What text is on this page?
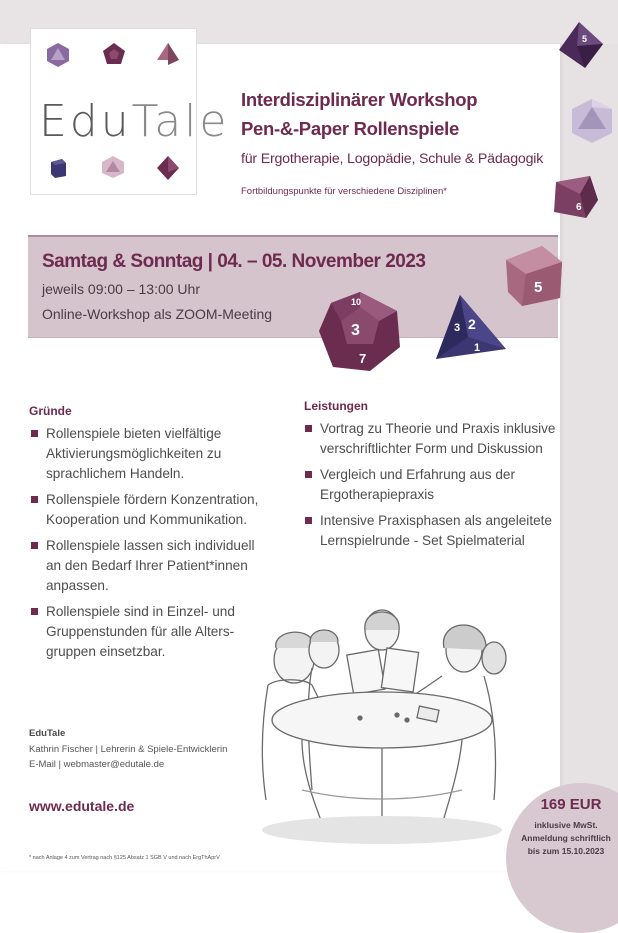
EduTale Interdisziplinärer Workshop
Pen-&-Paper Rollenspiele
für Ergotherapie, Logopädie, Schule & Pädagogik
Fortbildungspunkte für verschiedene Disziplinen*
5
6
Samtag & Sonntag | 04. – 05. November 2023
jeweils 09:00 – 13:00 Uhr
Online-Workshop als ZOOM-Meeting
10
3
7
3 2
1
5
Gründe
Rollenspiele bieten vielfältige Aktivierungsmöglichkeiten zu sprachlichem Handeln.
Rollenspiele fördern Konzentration, Kooperation und Kommunikation.
Rollenspiele lassen sich individuell an den Bedarf Ihrer Patient*innen anpassen.
Rollenspiele sind in Einzel- und Gruppenstunden für alle Alters-gruppen einsetzbar.
Leistungen
Vortrag zu Theorie und Praxis inklusive verschriftlichter Form und Diskussion
Vergleich und Erfahrung aus der Ergotherapiepraxis
Intensive Praxisphasen als angeleitete Lernspielrunde - Set Spielmaterial
EduTale
Kathrin Fischer | Lehrerin & Spiele-Entwicklerin
E-Mail | webmaster@edutale.de
www.edutale.de
* nach Anlage 4 zum Vertrag nach §125 Absatz 1 SGB V und nach ErgThAprV
169 EUR
inklusive MwSt.
Anmeldung schriftlich
bis zum 15.10.2023
